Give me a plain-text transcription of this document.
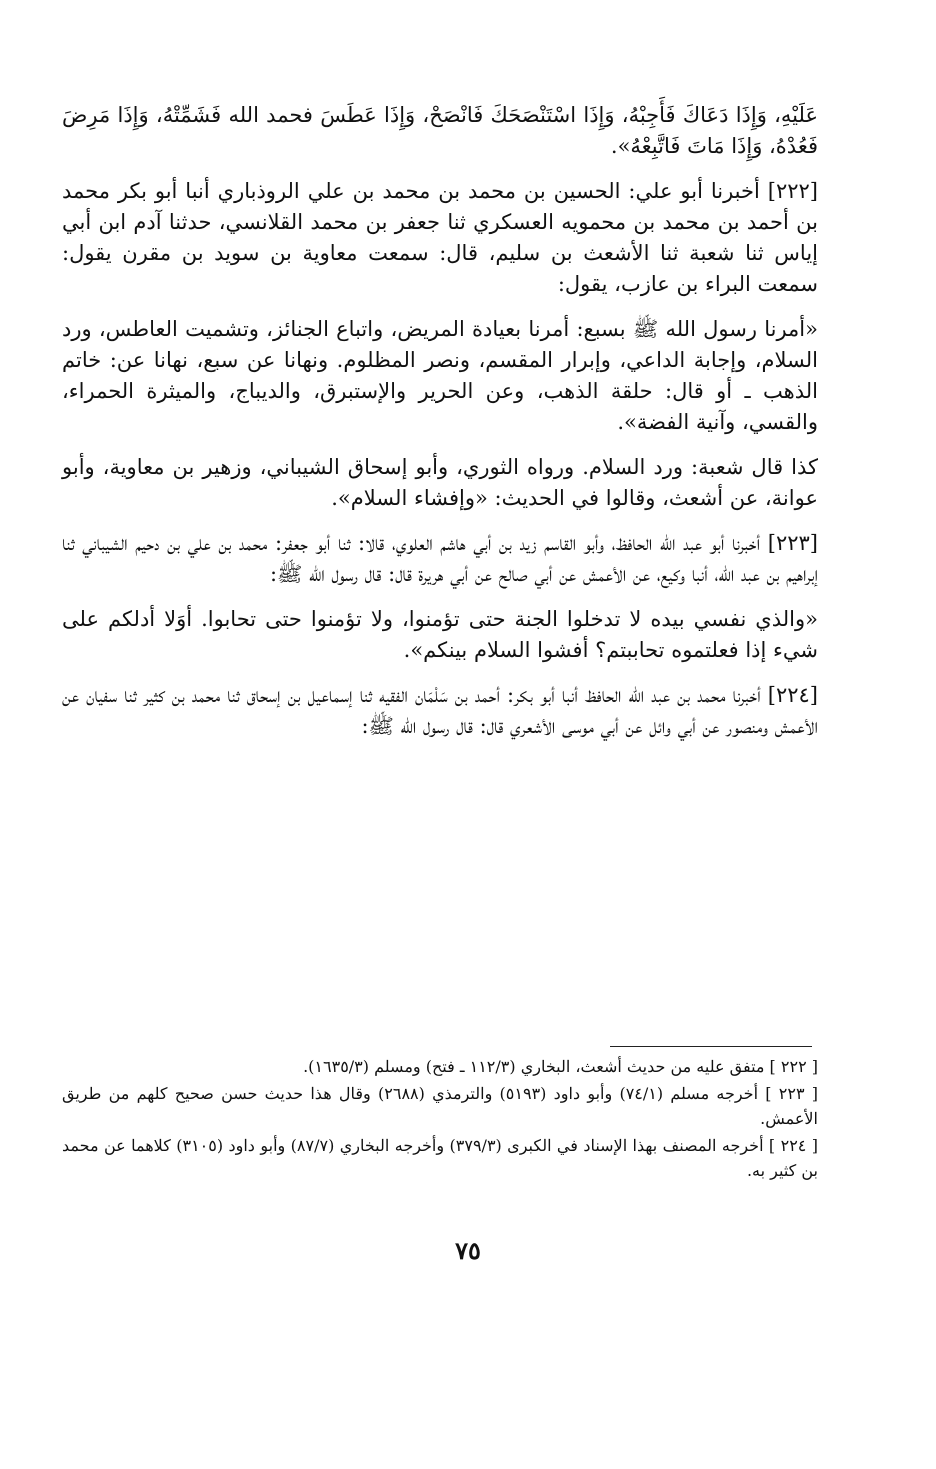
عَلَيْهِ، وَإِذَا دَعَاكَ فَأَجِبْهُ، وَإِذَا اسْتَنْصَحَكَ فَانْصَحْ، وَإِذَا عَطَسَ فحمد الله فَشَمِّتْهُ، وَإِذَا مَرِضَ فَعُدْهُ، وَإِذَا مَاتَ فَاتَّبِعْهُ».

[٢٢٢] أخبرنا أبو علي: الحسين بن محمد بن محمد بن علي الروذباري أنبا أبو بكر محمد بن أحمد بن محمد بن محمويه العسكري ثنا جعفر بن محمد القلانسي، حدثنا آدم ابن أبي إياس ثنا شعبة ثنا الأشعث بن سليم، قال: سمعت معاوية بن سويد بن مقرن يقول: سمعت البراء بن عازب، يقول:

«أمرنا رسول الله ﷺ بسبع: أمرنا بعيادة المريض، واتباع الجنائز، وتشميت العاطس، ورد السلام، وإجابة الداعي، وإبرار المقسم، ونصر المظلوم. ونهانا عن سبع، نهانا عن: خاتم الذهب ـ أو قال: حلقة الذهب، وعن الحرير والإستبرق، والديباج، والميثرة الحمراء، والقسي، وآنية الفضة».

كذا قال شعبة: ورد السلام. ورواه الثوري، وأبو إسحاق الشيباني، وزهير بن معاوية، وأبو عوانة، عن أشعث، وقالوا في الحديث: «وإفشاء السلام».

[٢٢٣] أخبرنا أبو عبد الله الحافظ، وأبو القاسم زيد بن أبي هاشم العلوي، قالا: ثنا أبو جعفر: محمد بن علي بن دحيم الشيباني ثنا إبراهيم بن عبد الله، أنبا وكيع، عن الأعمش عن أبي صالح عن أبي هريرة قال: قال رسول الله ﷺ:

«والذي نفسي بيده لا تدخلوا الجنة حتى تؤمنوا، ولا تؤمنوا حتى تحابوا. أوَلا أدلكم على شيء إذا فعلتموه تحاببتم؟ أفشوا السلام بينكم».

[٢٢٤] أخبرنا محمد بن عبد الله الحافظ أنبا أبو بكر: أحمد بن سَلْمَان الفقيه ثنا إسماعيل بن إسحاق ثنا محمد بن كثير ثنا سفيان عن الأعمش ومنصور عن أبي وائل عن أبي موسى الأشعري قال: قال رسول الله ﷺ:

[ ٢٢٢ ] متفق عليه من حديث أشعث، البخاري (١١٢/٣ ـ فتح) ومسلم (١٦٣٥/٣).

[ ٢٢٣ ] أخرجه مسلم (٧٤/١) وأبو داود (٥١٩٣) والترمذي (٢٦٨٨) وقال هذا حديث حسن صحيح كلهم من طريق الأعمش.

[ ٢٢٤ ] أخرجه المصنف بهذا الإسناد في الكبرى (٣٧٩/٣) وأخرجه البخاري (٨٧/٧) وأبو داود (٣١٠٥) كلاهما عن محمد بن كثير به.

٧٥
